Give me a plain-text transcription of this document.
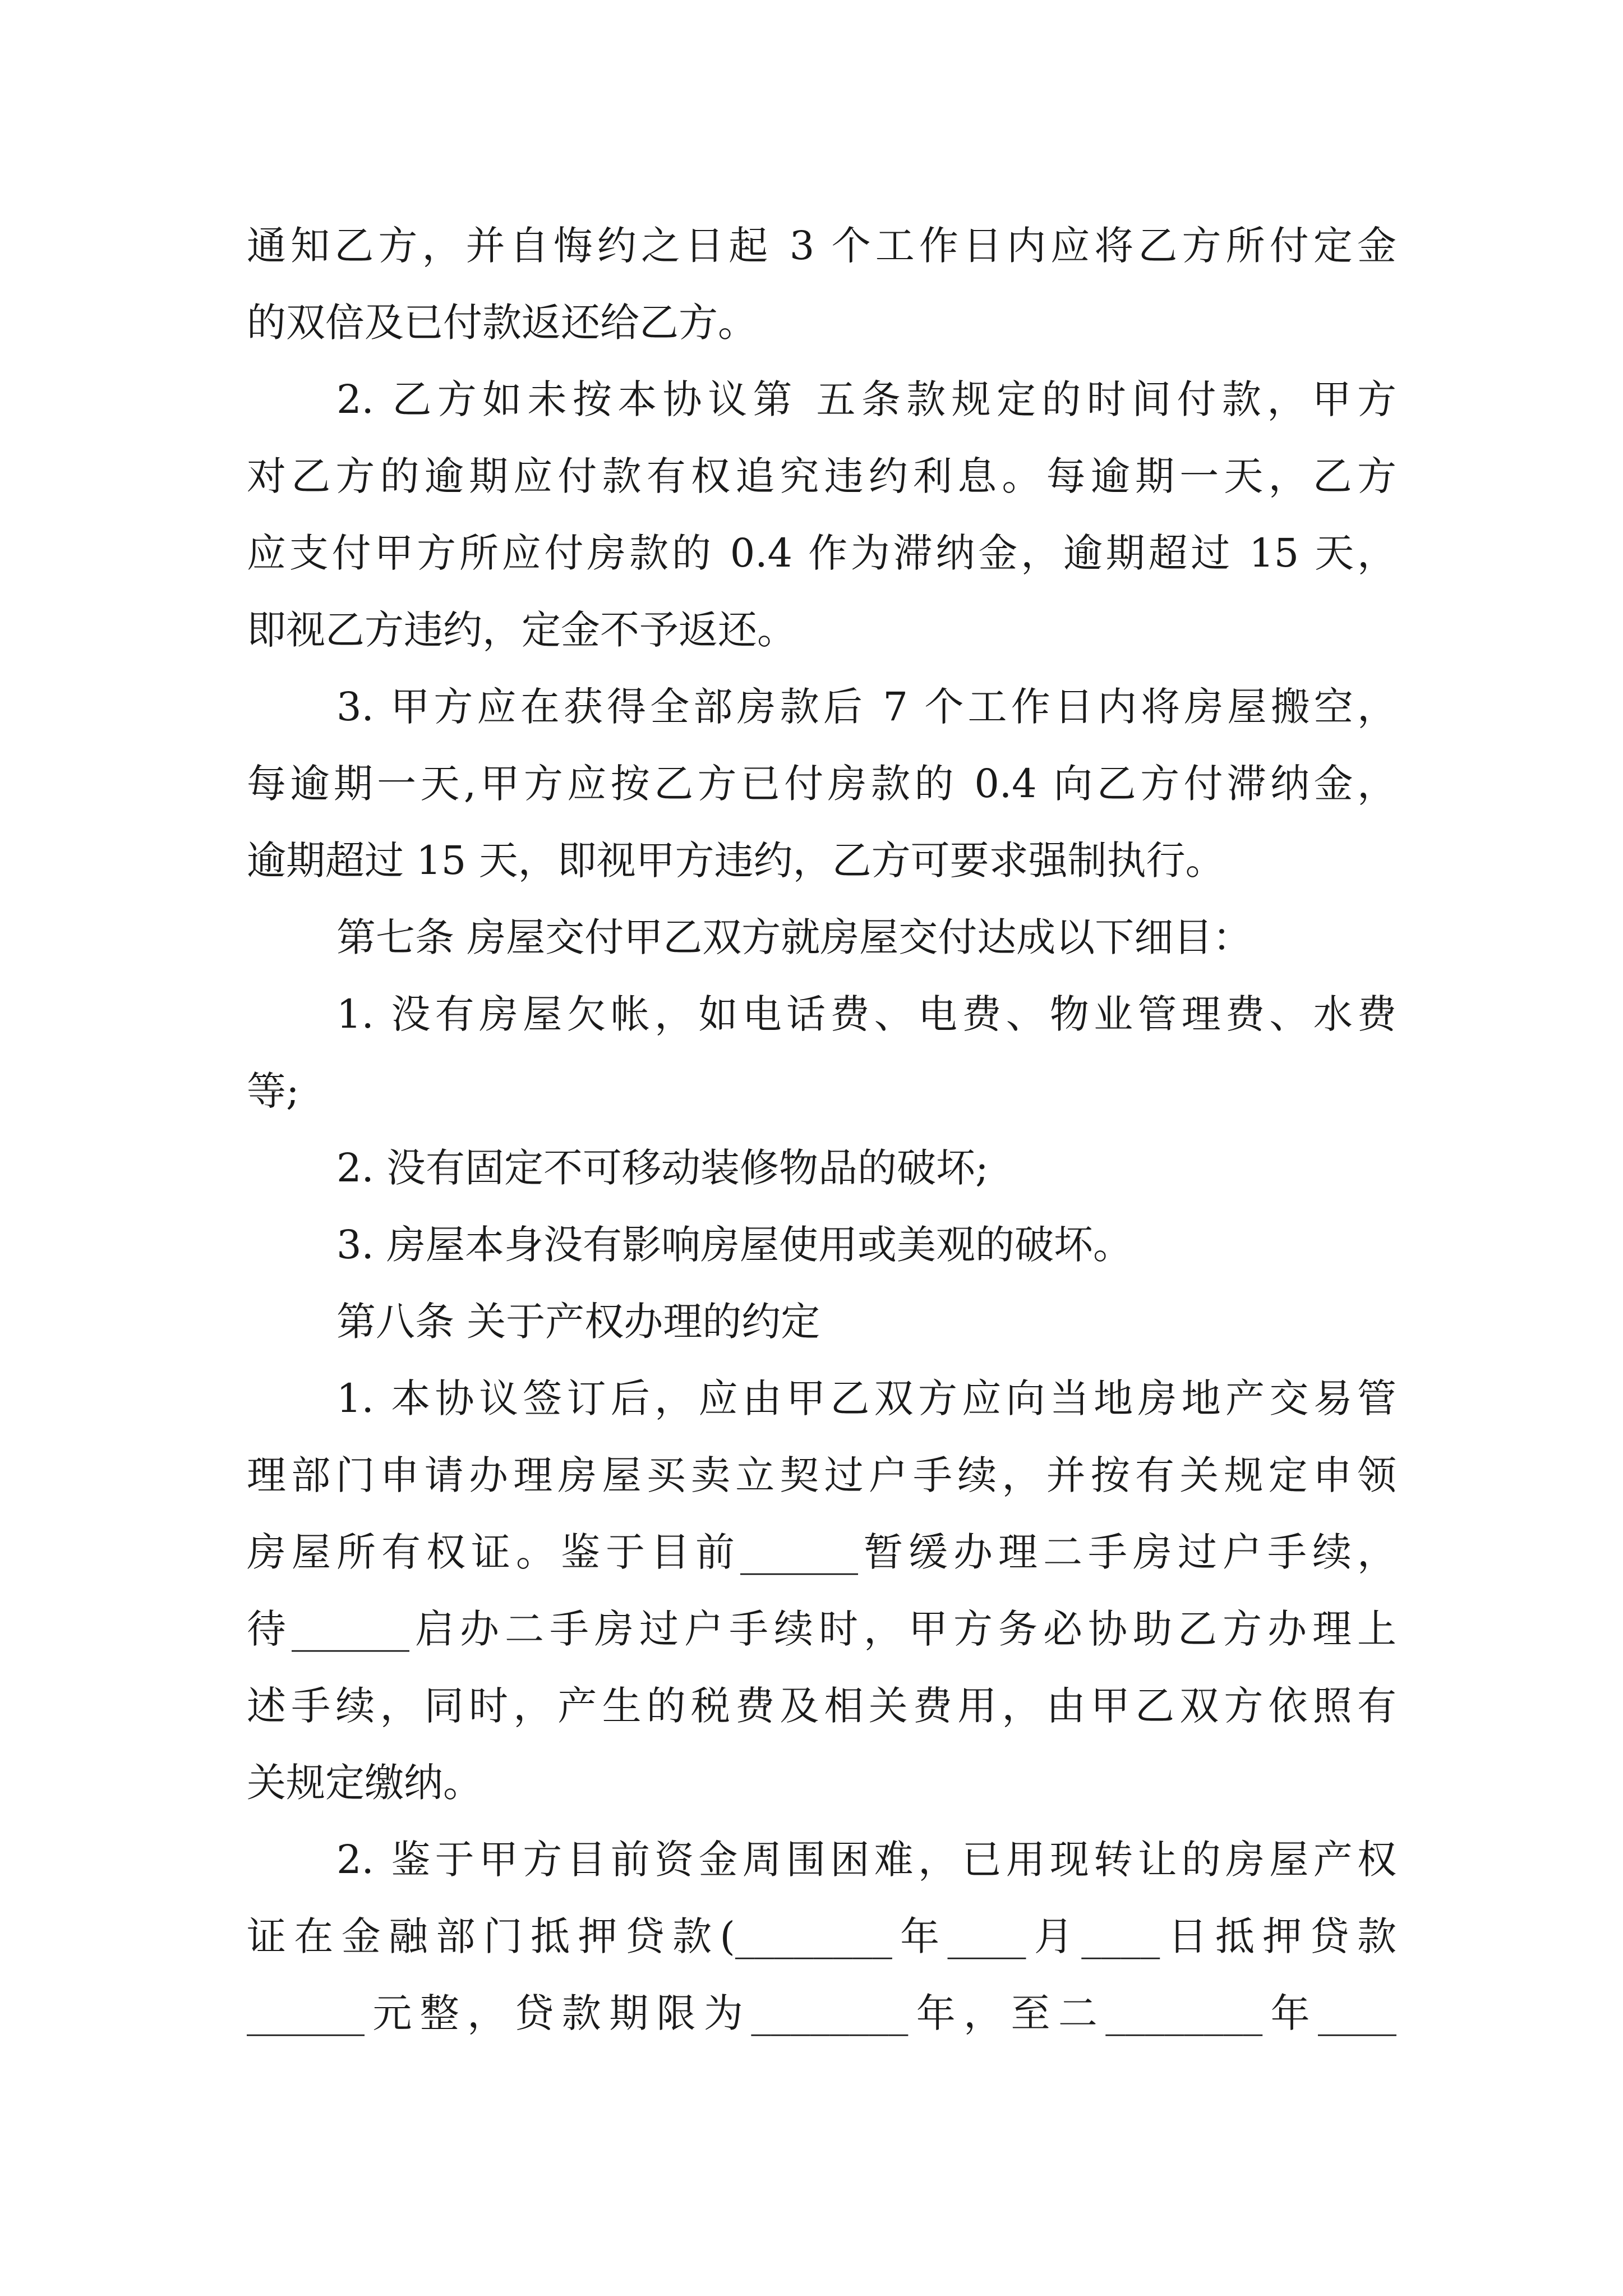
通知乙方，并自悔约之日起 3 个工作日内应将乙方所付定金
的双倍及已付款返还给乙方。
2. 乙方如未按本协议第 五条款规定的时间付款，甲方
对乙方的逾期应付款有权追究违约利息。每逾期一天，乙方
应支付甲方所应付房款的 0.4 作为滞纳金，逾期超过 15 天，
即视乙方违约，定金不予返还。
3. 甲方应在获得全部房款后 7 个工作日内将房屋搬空，
每逾期一天,甲方应按乙方已付房款的 0.4 向乙方付滞纳金，
逾期超过 15 天，即视甲方违约，乙方可要求强制执行。
第七条 房屋交付甲乙双方就房屋交付达成以下细目：
1. 没有房屋欠帐，如电话费、电费、物业管理费、水费
等;
2. 没有固定不可移动装修物品的破坏;
3. 房屋本身没有影响房屋使用或美观的破坏。
第八条 关于产权办理的约定
1. 本协议签订后，应由甲乙双方应向当地房地产交易管
理部门申请办理房屋买卖立契过户手续，并按有关规定申领
房屋所有权证。鉴于目前______暂缓办理二手房过户手续，
待______启办二手房过户手续时，甲方务必协助乙方办理上
述手续，同时，产生的税费及相关费用，由甲乙双方依照有
关规定缴纳。
2. 鉴于甲方目前资金周围困难，已用现转让的房屋产权
证在金融部门抵押贷款(________年____月____日抵押贷款
______元整，贷款期限为________年，至二________年____
